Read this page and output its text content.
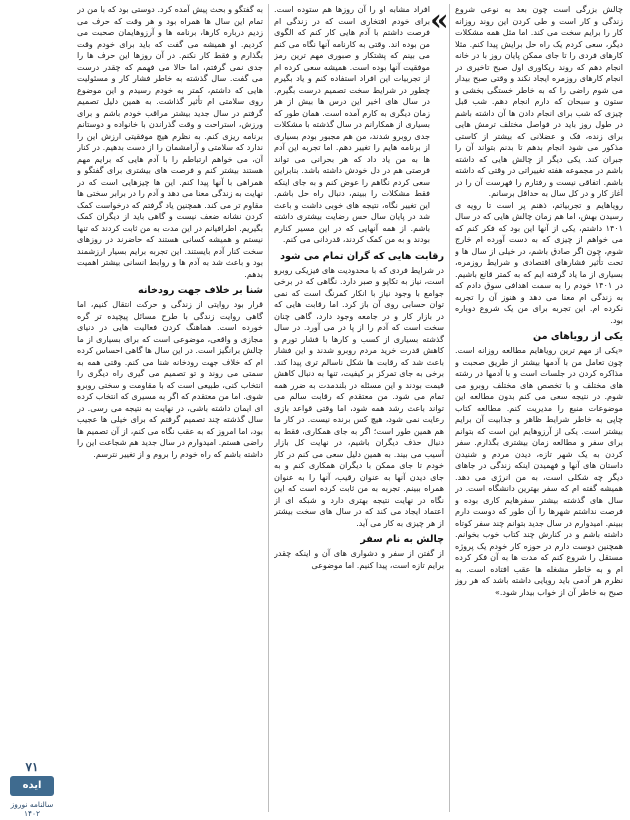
چالش بزرگی است چون بعد به نوعی شروع زندگی و کار است و طی کردن این روند روزانه کار را برایم سخت می کند. اما مثل همه مشکلات دیگر، سعی کردم یک راه حل برایش پیدا کنم. مثلا کارهای فردی را تا جای ممکن پایان روز با در خانه انجام دهم که روند ریکاوری اول صبح تاخیری در انجام کارهای روزمره ایجاد نکند و وقتی صبح بیدار می شوم راضی را که به خاطر خستگی بخشی و ستون و سبحان که دارم انجام دهم. شب قبل چیزی که شب برای انجام دادن ها آن داشته باشم در طول روز باید در فواصل مختلف ترمش هایی برای زنده، فک و عضلانی که بیشتر از کاستی مذکور می شود انجام بدهم تا بدنم بتواند آن را جبران کند. یکی دیگر از چالش هایی که داشته باشم در مجموعه هفته تغییراتی در وقتی که داشته باشم. اتفاقی نیست و رفتارم را فهرست آن را در آغاز کار و در کل سال به حداقل برسانم.

رویاهایم و تجربیاتم، ذهنم پر است تا رویه ی رسیدن بهش، اما هم زمان چالش هایی که در سال ۱۴۰۱ داشتم، یکی از آنها این بود که فکر کنم که می خواهم از چیزی که به دست آورده ام خارج شوم، چون اگر صادق باشم، در خیلی از سال ها و تحت تأثیر فشارهای اقتصادی و شرایط روزمره، بسیاری از ما یاد گرفته ایم که به کمتر قانع باشیم. در ۱۴۰۱ خودم را به سمت اهدافی سوق دادم که به زندگی ام معنا می دهد و هنوز آن را تجربه نکرده ام. این تجربه برای من یک شروع دوباره بود.

یکی از رویاهای من

«یکی از مهم ترین رویاهایم مطالعه روزانه است. چون تعامل من با آدمها بیشتر از طریق صحبت و مذاکره کردن در جلسات است و با آدمها در رشته های مختلف و با تخصص های مختلف روبرو می شوم. در نتیجه سعی می کنم بدون مطالعه این موضوعات منبع را مدیریت کنم. مطالعه کتاب چاپی به خاطر شرایط ظاهر و جذابیت آن برایم بیشتر است. یکی از آرزوهایم این است که بتوانم برای سفر و مطالعه زمان بیشتری بگذارم. سفر کردن به یک شهر تازه، دیدن مردم و شنیدن داستان های آنها و فهمیدن اینکه زندگی در جاهای دیگر چه شکلی است، به من انرژی می دهد. همیشه گفته ام که سفر بهترین دانشگاه است. در سال های گذشته بیشتر سفرهایم کاری بوده و فرصت نداشتم شهرها را آن طور که دوست دارم ببینم. امیدوارم در سال جدید بتوانم چند سفر کوتاه داشته باشم و در کنارش چند کتاب خوب بخوانم. همچنین دوست دارم در حوزه کار خودم یک پروژه مستقل را شروع کنم که مدت ها به آن فکر کرده ام و به خاطر مشغله ها عقب افتاده است. به نظرم هر آدمی باید رویایی داشته باشد که هر روز صبح به خاطر آن از خواب بیدار شود.»

«

افراد مشابه او را آن روزها هم ستوده است. برای خودم افتخاری است که در زندگی ام فرصت داشتم با آدم هایی کار کنم که الگوی من بوده اند. وقتی به کارنامه آنها نگاه می کنم می بینم که پشتکار و صبوری مهم ترین رمز موفقیت آنها بوده است. همیشه سعی کرده ام از تجربیات این افراد استفاده کنم و یاد بگیرم چطور در شرایط سخت تصمیم درست بگیرم. در سال های اخیر این درس ها بیش از هر زمان دیگری به کارم آمده است. همان طور که بسیاری از همکارانم در سال گذشته با مشکلات جدی روبرو شدند، من هم مجبور بودم بسیاری از برنامه هایم را تغییر دهم. اما تجربه این آدم ها به من یاد داد که هر بحرانی می تواند فرصتی هم در دل خودش داشته باشد. بنابراین سعی کردم نگاهم را عوض کنم و به جای اینکه فقط مشکلات را ببینم، دنبال راه حل باشم. این تغییر نگاه، نتیجه های خوبی داشت و باعث شد در پایان سال حس رضایت بیشتری داشته باشم. از همه آنهایی که در این مسیر کنارم بودند و به من کمک کردند، قدردانی می کنم.

رقابت هایی که گران تمام می شود

در شرایط فردی که با محدودیت های فیزیکی روبرو است، نیاز به تکاپو و صبر دارد. نگاهی که در برخی جوامع با وجود نیاز با انکار کمرنگ است که نمی توان حسابی روی آن باز کرد. اما رقابت هایی که در بازار کار و در جامعه وجود دارد، گاهی چنان سخت است که آدم را از پا در می آورد. در سال گذشته بسیاری از کسب و کارها با فشار تورم و کاهش قدرت خرید مردم روبرو شدند و این فشار باعث شد که رقابت ها شکل ناسالم تری پیدا کند. برخی به جای تمرکز بر کیفیت، تنها به دنبال کاهش قیمت بودند و این مسئله در بلندمدت به ضرر همه تمام می شود. من معتقدم که رقابت سالم می تواند باعث رشد همه شود، اما وقتی قواعد بازی رعایت نمی شود، هیچ کس برنده نیست. در کار ما هم همین طور است؛ اگر به جای همکاری، فقط به دنبال حذف دیگران باشیم، در نهایت کل بازار آسیب می بیند. به همین دلیل سعی می کنم در کار خودم تا جای ممکن با دیگران همکاری کنم و به جای دیدن آنها به عنوان رقیب، آنها را به عنوان همراه ببینم. تجربه به من ثابت کرده است که این نگاه در نهایت نتیجه بهتری دارد و شبکه ای از اعتماد ایجاد می کند که در سال های سخت بیشتر از هر چیزی به کار می آید.

چالش به نام سفر

از گفتن از سفر و دشواری های آن و اینکه چقدر برایم تازه است، پیدا کنیم. اما موضوعی

به گفتگو و بحث پیش آمده کرد. دوستی بود که با من در تمام این سال ها همراه بود و هر وقت که حرف می زدیم درباره کارها، برنامه ها و آرزوهایمان صحبت می کردیم. او همیشه می گفت که باید برای خودم وقت بگذارم و فقط کار نکنم. در آن روزها این حرف ها را جدی نمی گرفتم، اما حالا می فهمم که چقدر درست می گفت. سال گذشته به خاطر فشار کار و مسئولیت هایی که داشتم، کمتر به خودم رسیدم و این موضوع روی سلامتی ام تأثیر گذاشت. به همین دلیل تصمیم گرفتم در سال جدید بیشتر مراقب خودم باشم و برای ورزش، استراحت و وقت گذراندن با خانواده و دوستانم برنامه ریزی کنم. به نظرم هیچ موفقیتی ارزش این را ندارد که سلامتی و آرامشمان را از دست بدهیم. در کنار آن، می خواهم ارتباطم را با آدم هایی که برایم مهم هستند بیشتر کنم و فرصت های بیشتری برای گفتگو و همراهی با آنها پیدا کنم. این ها چیزهایی است که در نهایت به زندگی معنا می دهد و آدم را در برابر سختی ها مقاوم تر می کند. همچنین یاد گرفتم که درخواست کمک کردن نشانه ضعف نیست و گاهی باید از دیگران کمک بگیریم. اطرافیانم در این مدت به من ثابت کردند که تنها نیستم و همیشه کسانی هستند که حاضرند در روزهای سخت کنار آدم بایستند. این تجربه برایم بسیار ارزشمند بود و باعث شد به آدم ها و روابط انسانی بیشتر اهمیت بدهم.

شنا بر خلاف جهت رودخانه

قرار بود روایتی از زندگی و حرکت انتقال کنیم، اما گاهی روایت زندگی با طرح مسائل پیچیده تر گره خورده است. هماهنگ کردن فعالیت هایی در دنیای مجازی و واقعی، موضوعی است که برای بسیاری از ما چالش برانگیز است. در این سال ها گاهی احساس کرده ام که خلاف جهت رودخانه شنا می کنم. وقتی همه به سمتی می روند و تو تصمیم می گیری راه دیگری را انتخاب کنی، طبیعی است که با مقاومت و سختی روبرو شوی. اما من معتقدم که اگر به مسیری که انتخاب کرده ای ایمان داشته باشی، در نهایت به نتیجه می رسی. در سال گذشته چند تصمیم گرفتم که برای خیلی ها عجیب بود، اما امروز که به عقب نگاه می کنم، از آن تصمیم ها راضی هستم. امیدوارم در سال جدید هم شجاعت این را داشته باشم که راه خودم را بروم و از تغییر نترسم.

۷۱
ایده
سالنامه نوروز ۱۴۰۲
